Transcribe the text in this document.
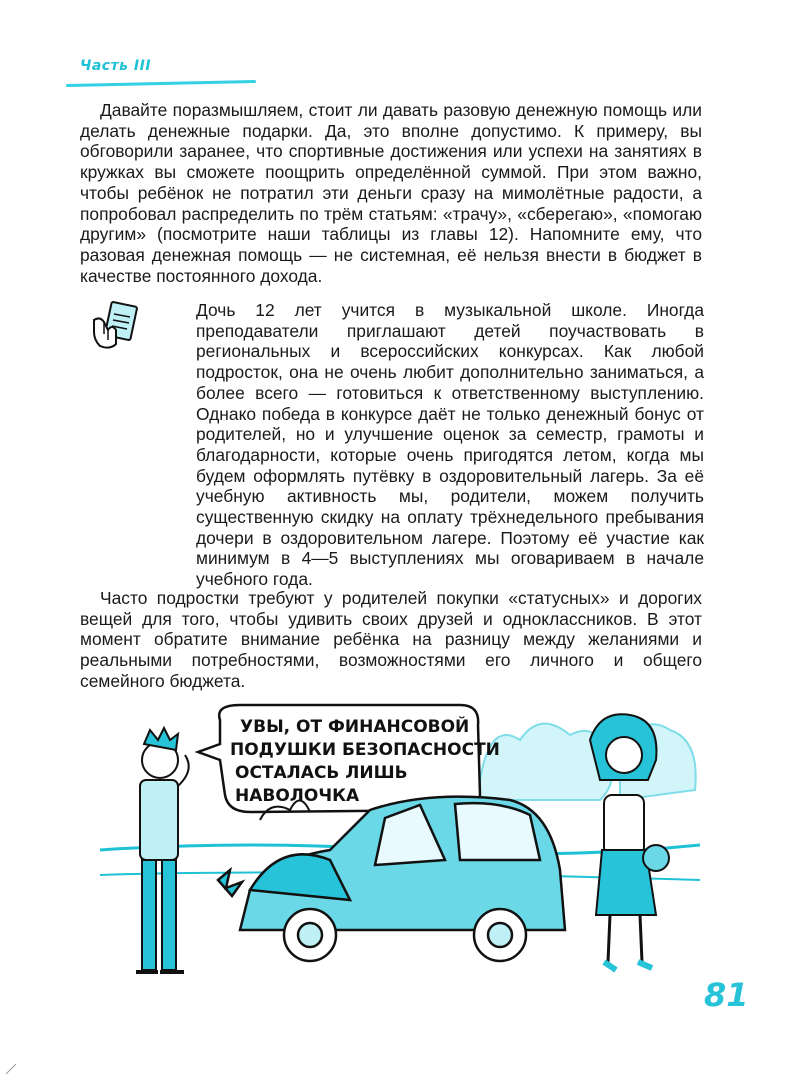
Часть III

Давайте поразмышляем, стоит ли давать разовую денежную помощь или делать денежные подарки. Да, это вполне допустимо. К примеру, вы обговорили заранее, что спортивные достижения или успехи на занятиях в кружках вы сможете поощрить определённой суммой. При этом важно, чтобы ребёнок не потратил эти деньги сразу на мимолётные радости, а попробовал распределить по трём статьям: «трачу», «сберегаю», «помогаю другим» (посмотрите наши таблицы из главы 12). Напомните ему, что разовая денежная помощь — не системная, её нельзя внести в бюджет в качестве постоянного дохода.

Дочь 12 лет учится в музыкальной школе. Иногда преподаватели приглашают детей поучаствовать в региональных и всероссийских конкурсах. Как любой подросток, она не очень любит дополнительно заниматься, а более всего — готовиться к ответственному выступлению. Однако победа в конкурсе даёт не только денежный бонус от родителей, но и улучшение оценок за семестр, грамоты и благодарности, которые очень пригодятся летом, когда мы будем оформлять путёвку в оздоровительный лагерь. За её учебную активность мы, родители, можем получить существенную скидку на оплату трёхнедельного пребывания дочери в оздоровительном лагере. Поэтому её участие как минимум в 4—5 выступлениях мы оговариваем в начале учебного года.

Часто подростки требуют у родителей покупки «статусных» и дорогих вещей для того, чтобы удивить своих друзей и одноклассников. В этот момент обратите внимание ребёнка на разницу между желаниями и реальными потребностями, возможностями его личного и общего семейного бюджета.

УВЫ, ОТ ФИНАНСОВОЙ
ПОДУШКИ БЕЗОПАСНОСТИ
ОСТАЛАСЬ ЛИШЬ
НАВОЛОЧКА
81
